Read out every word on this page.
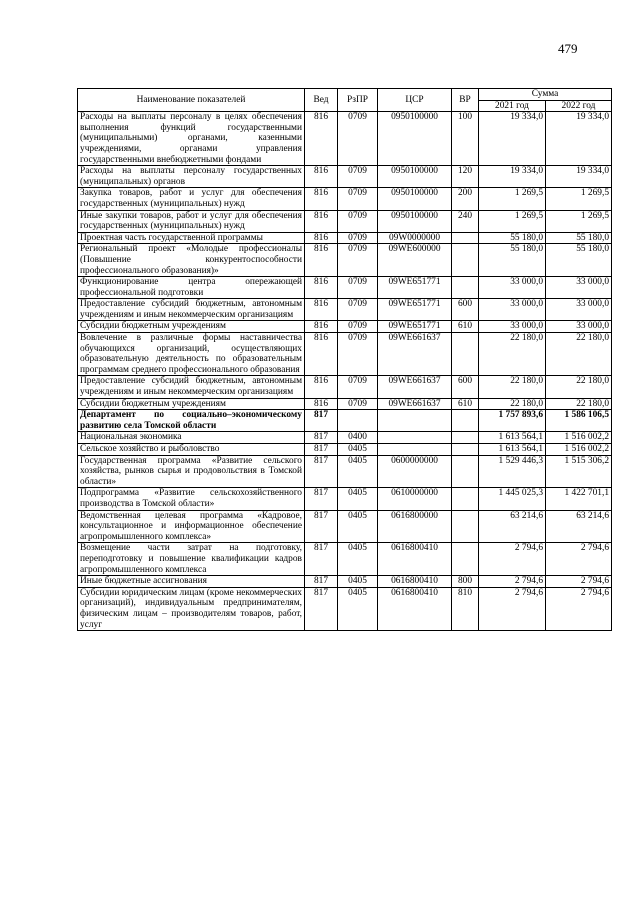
479
Наименование показателей	Вед	РзПР	ЦСР	ВР	Сумма	
					2021 год	2022 год
Расходы на выплаты персоналу в целях обеспечения выполнения функций государственными (муниципальными) органами, казенными учреждениями, органами управления государственными внебюджетными фондами	816	0709	0950100000	100	19 334,0	19 334,0
Расходы на выплаты персоналу государственных (муниципальных) органов	816	0709	0950100000	120	19 334,0	19 334,0
Закупка товаров, работ и услуг для обеспечения государственных (муниципальных) нужд	816	0709	0950100000	200	1 269,5	1 269,5
Иные закупки товаров, работ и услуг для обеспечения государственных (муниципальных) нужд	816	0709	0950100000	240	1 269,5	1 269,5
Проектная часть государственной программы	816	0709	09W0000000		55 180,0	55 180,0
Региональный проект «Молодые профессионалы (Повышение конкурентоспособности профессионального образования)»	816	0709	09WE600000		55 180,0	55 180,0
Функционирование центра опережающей профессиональной подготовки	816	0709	09WE651771		33 000,0	33 000,0
Предоставление субсидий бюджетным, автономным учреждениям и иным некоммерческим организациям	816	0709	09WE651771	600	33 000,0	33 000,0
Субсидии бюджетным учреждениям	816	0709	09WE651771	610	33 000,0	33 000,0
Вовлечение в различные формы наставничества обучающихся организаций, осуществляющих образовательную деятельность по образовательным программам среднего профессионального образования	816	0709	09WE661637		22 180,0	22 180,0
Предоставление субсидий бюджетным, автономным учреждениям и иным некоммерческим организациям	816	0709	09WE661637	600	22 180,0	22 180,0
Субсидии бюджетным учреждениям	816	0709	09WE661637	610	22 180,0	22 180,0
Департамент по социально–экономическому развитию села Томской области	817				1 757 893,6	1 586 106,5
Национальная экономика	817	0400			1 613 564,1	1 516 002,2
Сельское хозяйство и рыболовство	817	0405			1 613 564,1	1 516 002,2
Государственная программа «Развитие сельского хозяйства, рынков сырья и продовольствия в Томской области»	817	0405	0600000000		1 529 446,3	1 515 306,2
Подпрограмма «Развитие сельскохозяйственного производства в Томской области»	817	0405	0610000000		1 445 025,3	1 422 701,1
Ведомственная целевая программа «Кадровое, консультационное и информационное обеспечение агропромышленного комплекса»	817	0405	0616800000		63 214,6	63 214,6
Возмещение части затрат на подготовку, переподготовку и повышение квалификации кадров агропромышленного комплекса	817	0405	0616800410		2 794,6	2 794,6
Иные бюджетные ассигнования	817	0405	0616800410	800	2 794,6	2 794,6
Субсидии юридическим лицам (кроме некоммерческих организаций), индивидуальным предпринимателям, физическим лицам – производителям товаров, работ, услуг	817	0405	0616800410	810	2 794,6	2 794,6
